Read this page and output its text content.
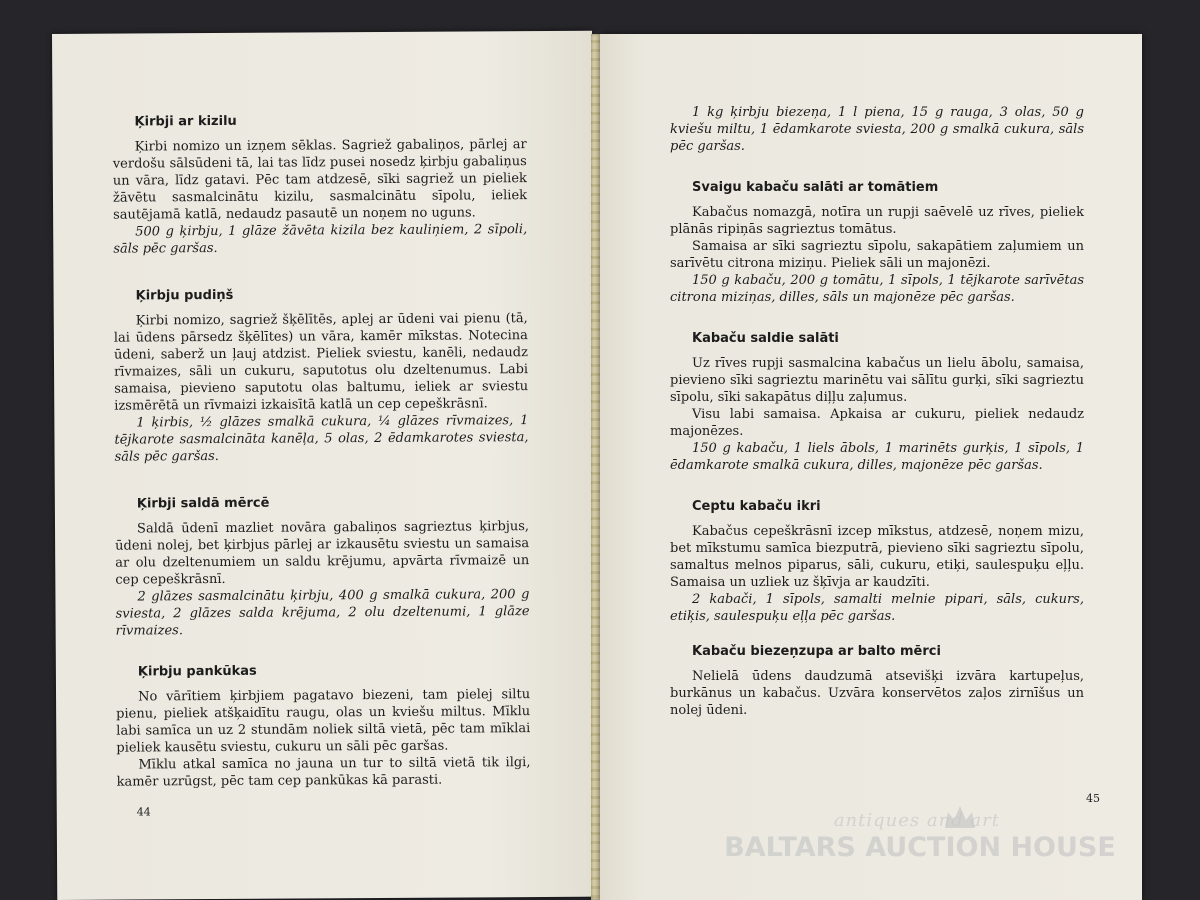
Ķirbji ar kizilu

Ķirbi nomizo un izņem sēklas. Sagriež gabaliņos, pārlej ar verdošu sālsūdeni tā, lai tas līdz pusei nosedz ķirbju gabaliņus un vāra, līdz gatavi. Pēc tam atdzesē, sīki sagriež un pieliek žāvētu sasmalcinātu kizilu, sasmalcinātu sīpolu, ieliek sautējamā katlā, nedaudz pasautē un noņem no uguns.

500 g ķirbju, 1 glāze žāvēta kizila bez kauliņiem, 2 sīpoli, sāls pēc garšas.

Ķirbju pudiņš

Ķirbi nomizo, sagriež šķēlītēs, aplej ar ūdeni vai pienu (tā, lai ūdens pārsedz šķēlītes) un vāra, kamēr mīkstas. Notecina ūdeni, saberž un ļauj atdzist. Pieliek sviestu, kanēli, nedaudz rīvmaizes, sāli un cukuru, saputotus olu dzeltenumus. Labi samaisa, pievieno saputotu olas baltumu, ieliek ar sviestu izsmērētā un rīvmaizi izkaisītā katlā un cep cepeškrāsnī.

1 ķirbis, ½ glāzes smalkā cukura, ¼ glāzes rīvmaizes, 1 tējkarote sasmalcināta kanēļa, 5 olas, 2 ēdamkarotes sviesta, sāls pēc garšas.

Ķirbji saldā mērcē

Saldā ūdenī mazliet novāra gabaliņos sagrieztus ķirbjus, ūdeni nolej, bet ķirbjus pārlej ar izkausētu sviestu un samaisa ar olu dzeltenumiem un saldu krējumu, apvārta rīvmaizē un cep cepeškrāsnī.

2 glāzes sasmalcinātu ķirbju, 400 g smalkā cukura, 200 g sviesta, 2 glāzes salda krējuma, 2 olu dzeltenumi, 1 glāze rīvmaizes.

Ķirbju pankūkas

No vārītiem ķirbjiem pagatavo biezeni, tam pielej siltu pienu, pieliek atšķaidītu raugu, olas un kviešu miltus. Mīklu labi samīca un uz 2 stundām noliek siltā vietā, pēc tam mīklai pieliek kausētu sviestu, cukuru un sāli pēc garšas.

Mīklu atkal samīca no jauna un tur to siltā vietā tik ilgi, kamēr uzrūgst, pēc tam cep pankūkas kā parasti.

44

1 kg ķirbju biezeņa, 1 l piena, 15 g rauga, 3 olas, 50 g kviešu miltu, 1 ēdamkarote sviesta, 200 g smalkā cukura, sāls pēc garšas.

Svaigu kabaču salāti ar tomātiem

Kabačus nomazgā, notīra un rupji saēvelē uz rīves, pieliek plānās ripiņās sagrieztus tomātus.

Samaisa ar sīki sagrieztu sīpolu, sakapātiem zaļumiem un sarīvētu citrona miziņu. Pieliek sāli un majonēzi.

150 g kabaču, 200 g tomātu, 1 sīpols, 1 tējkarote sarīvētas citrona miziņas, dilles, sāls un majonēze pēc garšas.

Kabaču saldie salāti

Uz rīves rupji sasmalcina kabačus un lielu ābolu, samaisa, pievieno sīki sagrieztu marinētu vai sālītu gurķi, sīki sagrieztu sīpolu, sīki sakapātus diļļu zaļumus.

Visu labi samaisa. Apkaisa ar cukuru, pieliek nedaudz majonēzes.

150 g kabaču, 1 liels ābols, 1 marinēts gurķis, 1 sīpols, 1 ēdamkarote smalkā cukura, dilles, majonēze pēc garšas.

Ceptu kabaču ikri

Kabačus cepeškrāsnī izcep mīkstus, atdzesē, noņem mizu, bet mīkstumu samīca biezputrā, pievieno sīki sagrieztu sīpolu, samaltus melnos piparus, sāli, cukuru, etiķi, saulespuķu eļļu. Samaisa un uzliek uz šķīvja ar kaudzīti.

2 kabači, 1 sīpols, samalti melnie pipari, sāls, cukurs, etiķis, saulespuķu eļļa pēc garšas.

Kabaču biezeņzupa ar balto mērci

Nelielā ūdens daudzumā atsevišķi izvāra kartupeļus, burkānus un kabačus. Uzvāra konservētos zaļos zirnīšus un nolej ūdeni.

45
antiques and art
BALTARS AUCTION HOUSE
